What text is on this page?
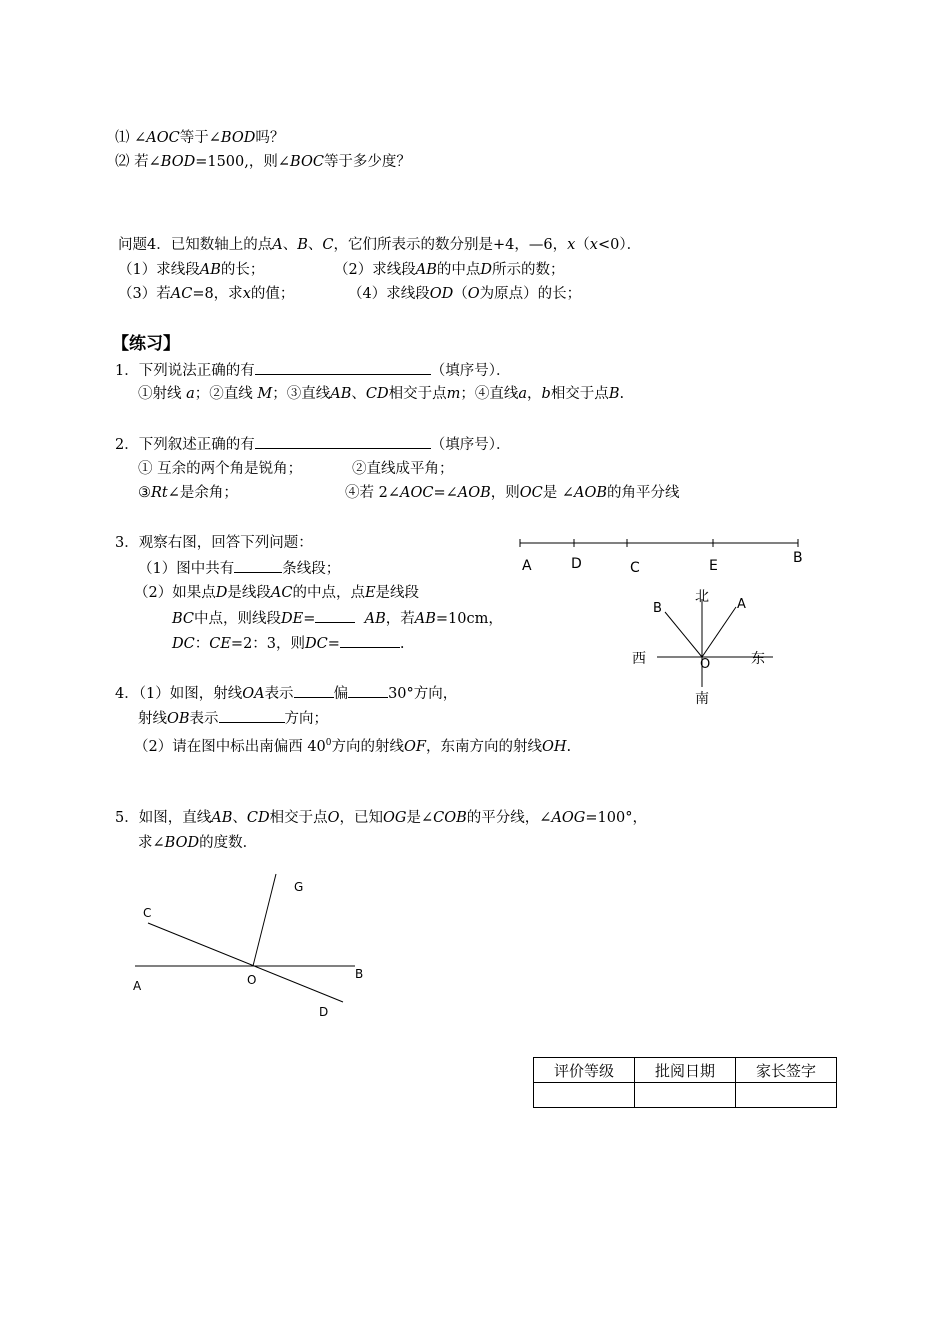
⑴ ∠AOC等于∠BOD吗？
⑵ 若∠BOD=1500,，则∠BOC等于多少度？
问题4．已知数轴上的点A、B、C，它们所表示的数分别是+4，—6，x（x<0）．
（1）求线段AB的长；	（2）求线段AB的中点D所示的数；
（3）若AC=8，求x的值；	（4）求线段OD（O为原点）的长；
【练习】
1．下列说法正确的有	（填序号）．
①射线 a；②直线 M；③直线AB、CD相交于点m；④直线a，b相交于点B.
2．下列叙述正确的有	（填序号）．
① 互余的两个角是锐角；	②直线成平角；
③Rt∠是余角；	④若 2∠AOC=∠AOB，则OC是 ∠AOB的角平分线
3．观察右图，回答下列问题：
（1）图中共有	条线段；
（2）如果点D是线段AC的中点，点E是线段
BC中点，则线段DE=	AB，若AB=10cm，
DC：CE=2：3，则DC=	.
4．（1）如图，射线OA表示	偏	30°方向，
射线OB表示	方向；
（2）请在图中标出南偏西 $40^0$方向的射线OF，东南方向的射线OH.
5．如图，直线AB、CD相交于点O，已知OG是∠COB的平分线，∠AOG=100°，
求∠BOD的度数．
A	D	C	E	B
北
南
西	东
B	A
O
C
G
A	O	B
D
评价等级	批阅日期	家长签字
